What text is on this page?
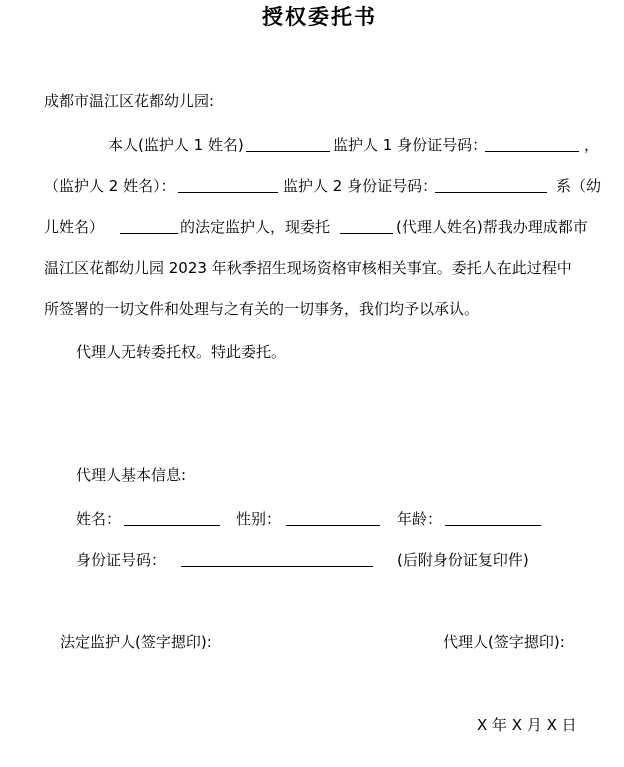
授权委托书
成都市温江区花都幼儿园:
本人(监护人 1 姓名)	监护人 1 身份证号码：	，
（监护人 2 姓名）：	监护人 2 身份证号码：	系（幼
儿姓名）	的法定监护人，现委托	(代理人姓名)帮我办理成都市
温江区花都幼儿园 2023 年秋季招生现场资格审核相关事宜。委托人在此过程中
所签署的一切文件和处理与之有关的一切事务，我们均予以承认。
代理人无转委托权。特此委托。
代理人基本信息:
姓名：	性别：	年龄：
身份证号码：	(后附身份证复印件)
法定监护人(签字摁印):	代理人(签字摁印):
X 年 X 月 X 日
